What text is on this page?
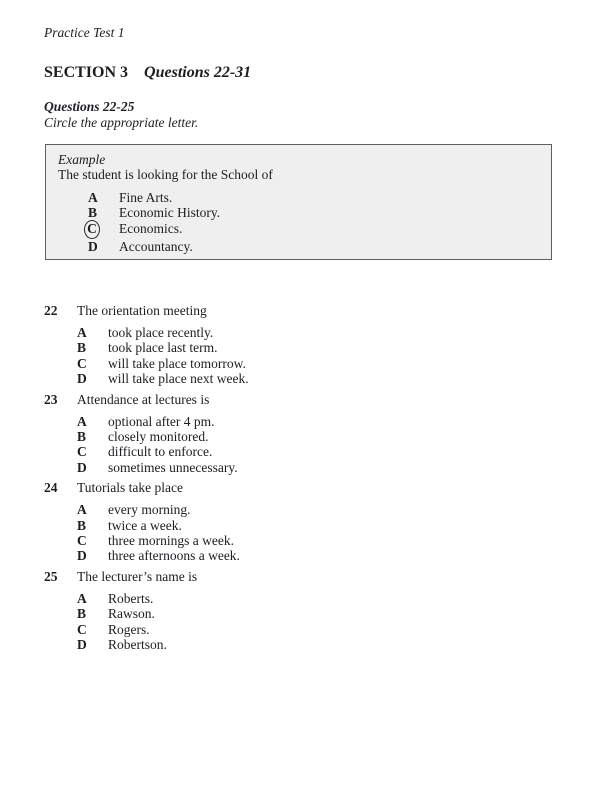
Practice Test 1
SECTION 3 Questions 22-31
Questions 22-25
Circle the appropriate letter.
Example
The student is looking for the School of
A	Fine Arts.
B	Economic History.
C	Economics.
D	Accountancy.
22	The orientation meeting
A	took place recently.
B	took place last term.
C	will take place tomorrow.
D	will take place next week.
23	Attendance at lectures is
A	optional after 4 pm.
B	closely monitored.
C	difficult to enforce.
D	sometimes unnecessary.
24	Tutorials take place
A	every morning.
B	twice a week.
C	three mornings a week.
D	three afternoons a week.
25	The lecturer’s name is
A	Roberts.
B	Rawson.
C	Rogers.
D	Robertson.
